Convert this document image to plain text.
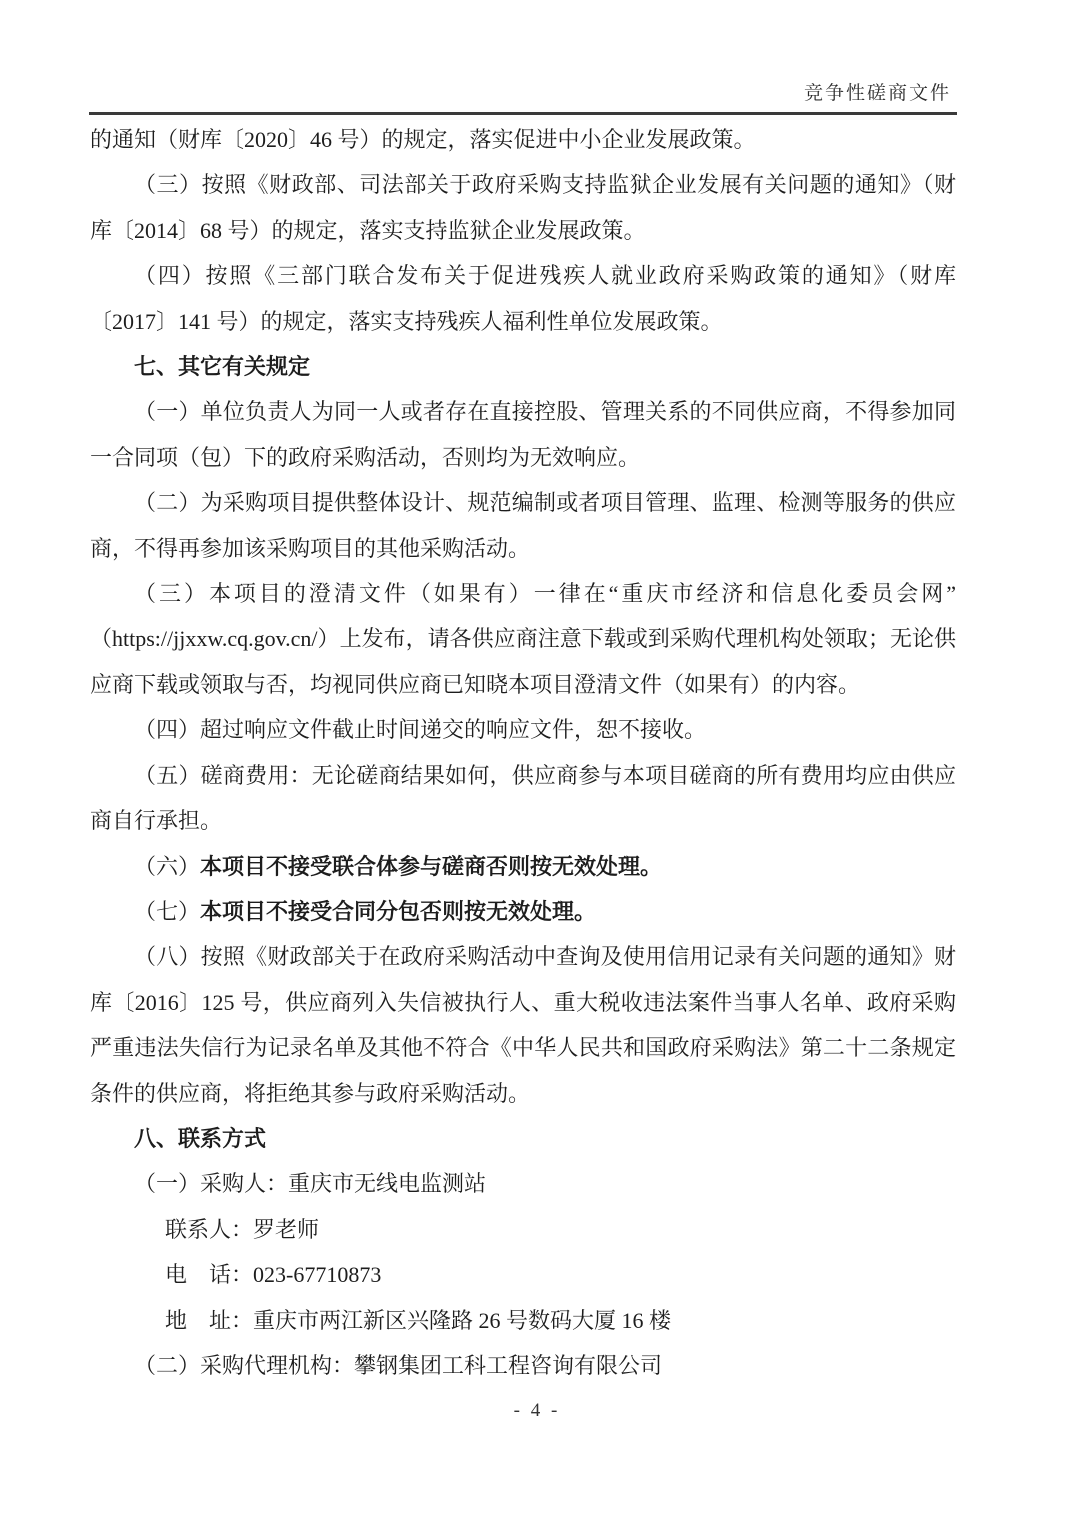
竞争性磋商文件

的通知（财库〔2020〕46 号）的规定，落实促进中小企业发展政策。

（三）按照《财政部、司法部关于政府采购支持监狱企业发展有关问题的通知》（财库〔2014〕68 号）的规定，落实支持监狱企业发展政策。

（四）按照《三部门联合发布关于促进残疾人就业政府采购政策的通知》（财库〔2017〕141 号）的规定，落实支持残疾人福利性单位发展政策。

七、其它有关规定

（一）单位负责人为同一人或者存在直接控股、管理关系的不同供应商，不得参加同一合同项（包）下的政府采购活动，否则均为无效响应。

（二）为采购项目提供整体设计、规范编制或者项目管理、监理、检测等服务的供应商，不得再参加该采购项目的其他采购活动。

（三）本项目的澄清文件（如果有）一律在“重庆市经济和信息化委员会网”（https://jjxxw.cq.gov.cn/）上发布，请各供应商注意下载或到采购代理机构处领取；无论供应商下载或领取与否，均视同供应商已知晓本项目澄清文件（如果有）的内容。

（四）超过响应文件截止时间递交的响应文件，恕不接收。

（五）磋商费用：无论磋商结果如何，供应商参与本项目磋商的所有费用均应由供应商自行承担。

（六）本项目不接受联合体参与磋商否则按无效处理。

（七）本项目不接受合同分包否则按无效处理。

（八）按照《财政部关于在政府采购活动中查询及使用信用记录有关问题的通知》财库〔2016〕125 号，供应商列入失信被执行人、重大税收违法案件当事人名单、政府采购严重违法失信行为记录名单及其他不符合《中华人民共和国政府采购法》第二十二条规定条件的供应商，将拒绝其参与政府采购活动。

八、联系方式

（一）采购人：重庆市无线电监测站

联系人：罗老师

电　话：023-67710873

地　址：重庆市两江新区兴隆路 26 号数码大厦 16 楼

（二）采购代理机构：攀钢集团工科工程咨询有限公司

- 4 -
